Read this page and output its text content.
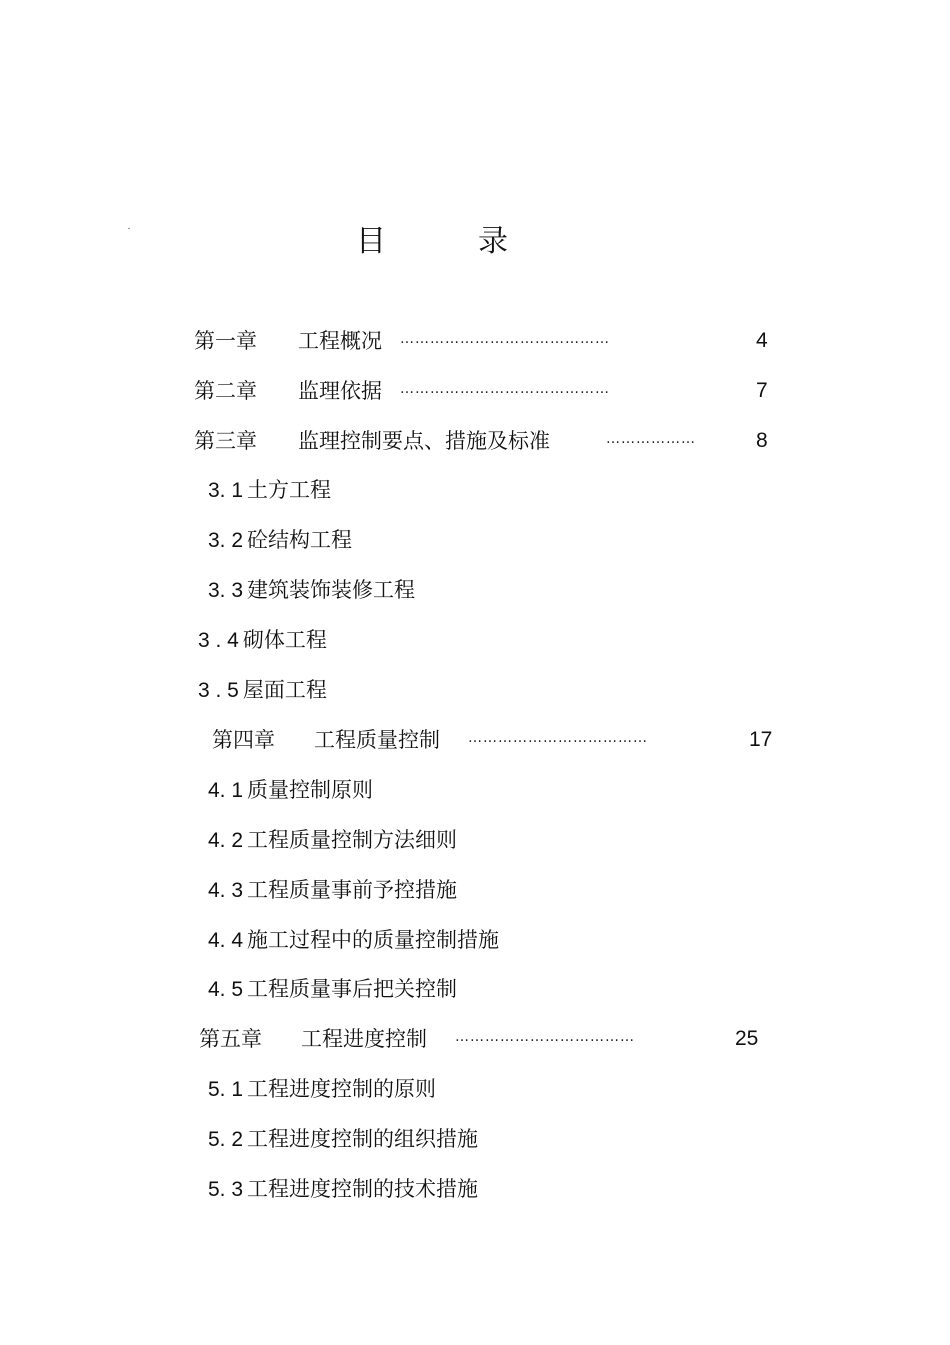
目	录
第一章 工程概况 ……………………………………	4
第二章 监理依据 ……………………………………	7
第三章 监理控制要点、措施及标准	………………	8
3. 1 土方工程
3. 2 砼结构工程
3. 3 建筑装饰装修工程
3 . 4 砌体工程
3 . 5 屋面工程
第四章 工程质量控制 ………………………………	17
4. 1 质量控制原则
4. 2 工程质量控制方法细则
4. 3 工程质量事前予控措施
4. 4 施工过程中的质量控制措施
4. 5 工程质量事后把关控制
第五章 工程进度控制 ………………………………	25
5. 1 工程进度控制的原则
5. 2 工程进度控制的组织措施
5. 3 工程进度控制的技术措施
